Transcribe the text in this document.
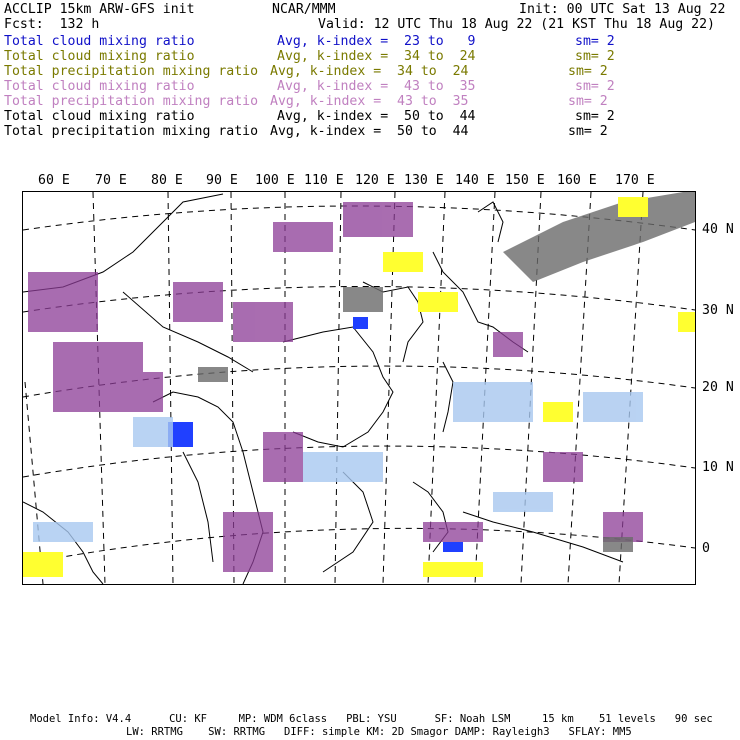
ACCLIP 15km ARW-GFS init	NCAR/MMM	Init: 00 UTC Sat 13 Aug 22
Fcst:  132 h	Valid: 12 UTC Thu 18 Aug 22 (21 KST Thu 18 Aug 22)
Total cloud mixing ratio	Avg, k-index =  23 to   9	sm= 2
Total cloud mixing ratio	Avg, k-index =  34 to  24	sm= 2
Total precipitation mixing ratio Avg, k-index =  34 to  24	sm= 2
Total cloud mixing ratio	Avg, k-index =  43 to  35	sm= 2
Total precipitation mixing ratio Avg, k-index =  43 to  35	sm= 2
Total cloud mixing ratio	Avg, k-index =  50 to  44	sm= 2
Total precipitation mixing ratio Avg, k-index =  50 to  44	sm= 2
60 E 70 E 80 E 90 E 100 E 110 E 120 E 130 E 140 E 150 E 160 E 170 E
40 N
30 N
20 N
10 N
0
Model Info: V4.4      CU: KF     MP: WDM 6class   PBL: YSU      SF: Noah LSM     15 km    51 levels   90 sec
LW: RRTMG    SW: RRTMG   DIFF: simple KM: 2D Smagor DAMP: Rayleigh3   SFLAY: MM5
